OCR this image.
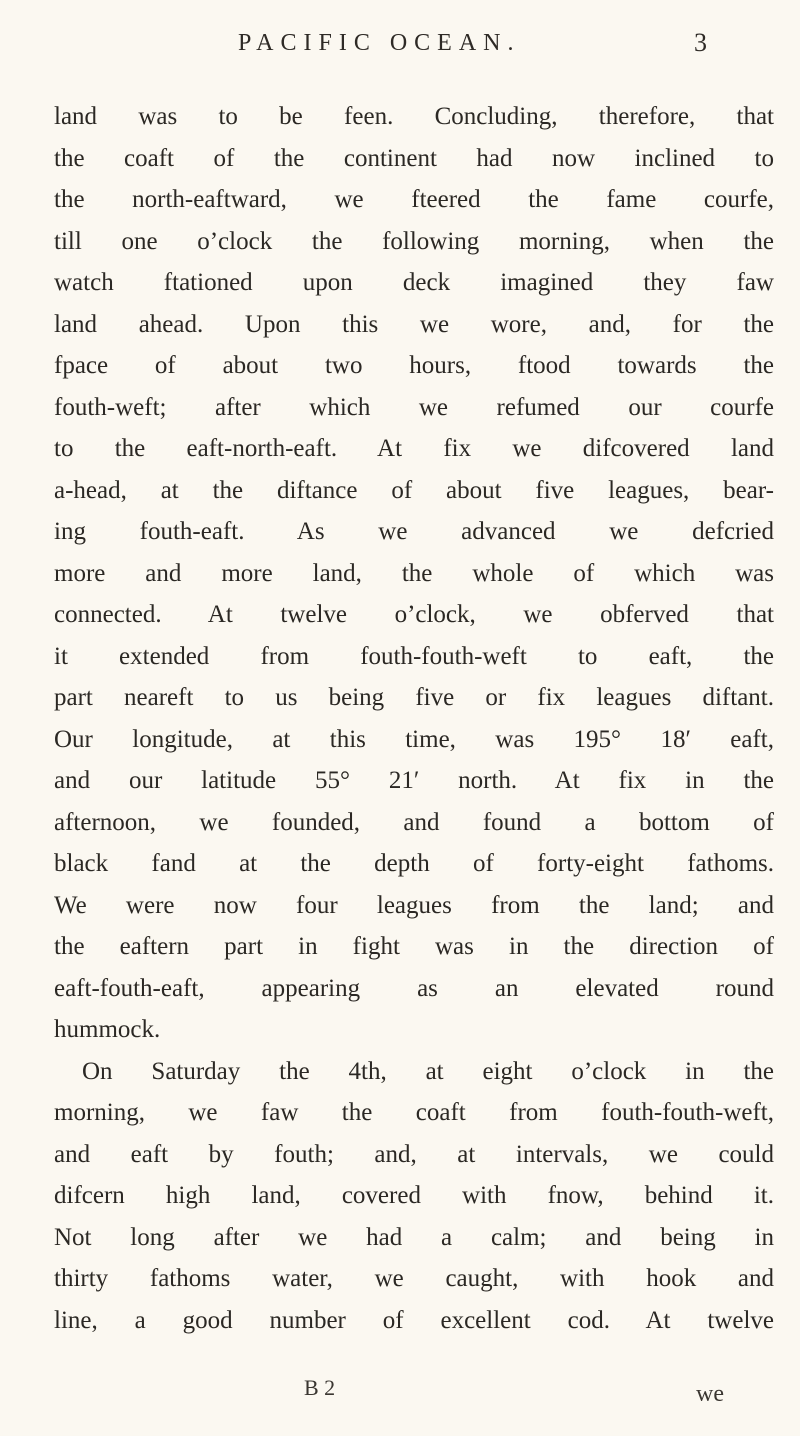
PACIFIC OCEAN.	3
land was to be feen. Concluding, therefore, that
the coaft of the continent had now inclined to
the north-eaftward, we fteered the fame courfe,
till one o’clock the following morning, when the
watch ftationed upon deck imagined they faw
land ahead. Upon this we wore, and, for the
fpace of about two hours, ftood towards the
fouth-weft; after which we refumed our courfe
to the eaft-north-eaft. At fix we difcovered land
a-head, at the diftance of about five leagues, bear-
ing fouth-eaft. As we advanced we defcried
more and more land, the whole of which was
connected. At twelve o’clock, we obferved that
it extended from fouth-fouth-weft to eaft, the
part neareft to us being five or fix leagues diftant.
Our longitude, at this time, was 195° 18′ eaft,
and our latitude 55° 21′ north. At fix in the
afternoon, we founded, and found a bottom of
black fand at the depth of forty-eight fathoms.
We were now four leagues from the land; and
the eaftern part in fight was in the direction of
eaft-fouth-eaft, appearing as an elevated round
hummock.
On Saturday the 4th, at eight o’clock in the
morning, we faw the coaft from fouth-fouth-weft,
and eaft by fouth; and, at intervals, we could
difcern high land, covered with fnow, behind it.
Not long after we had a calm; and being in
thirty fathoms water, we caught, with hook and
line, a good number of excellent cod. At twelve
B 2	we
